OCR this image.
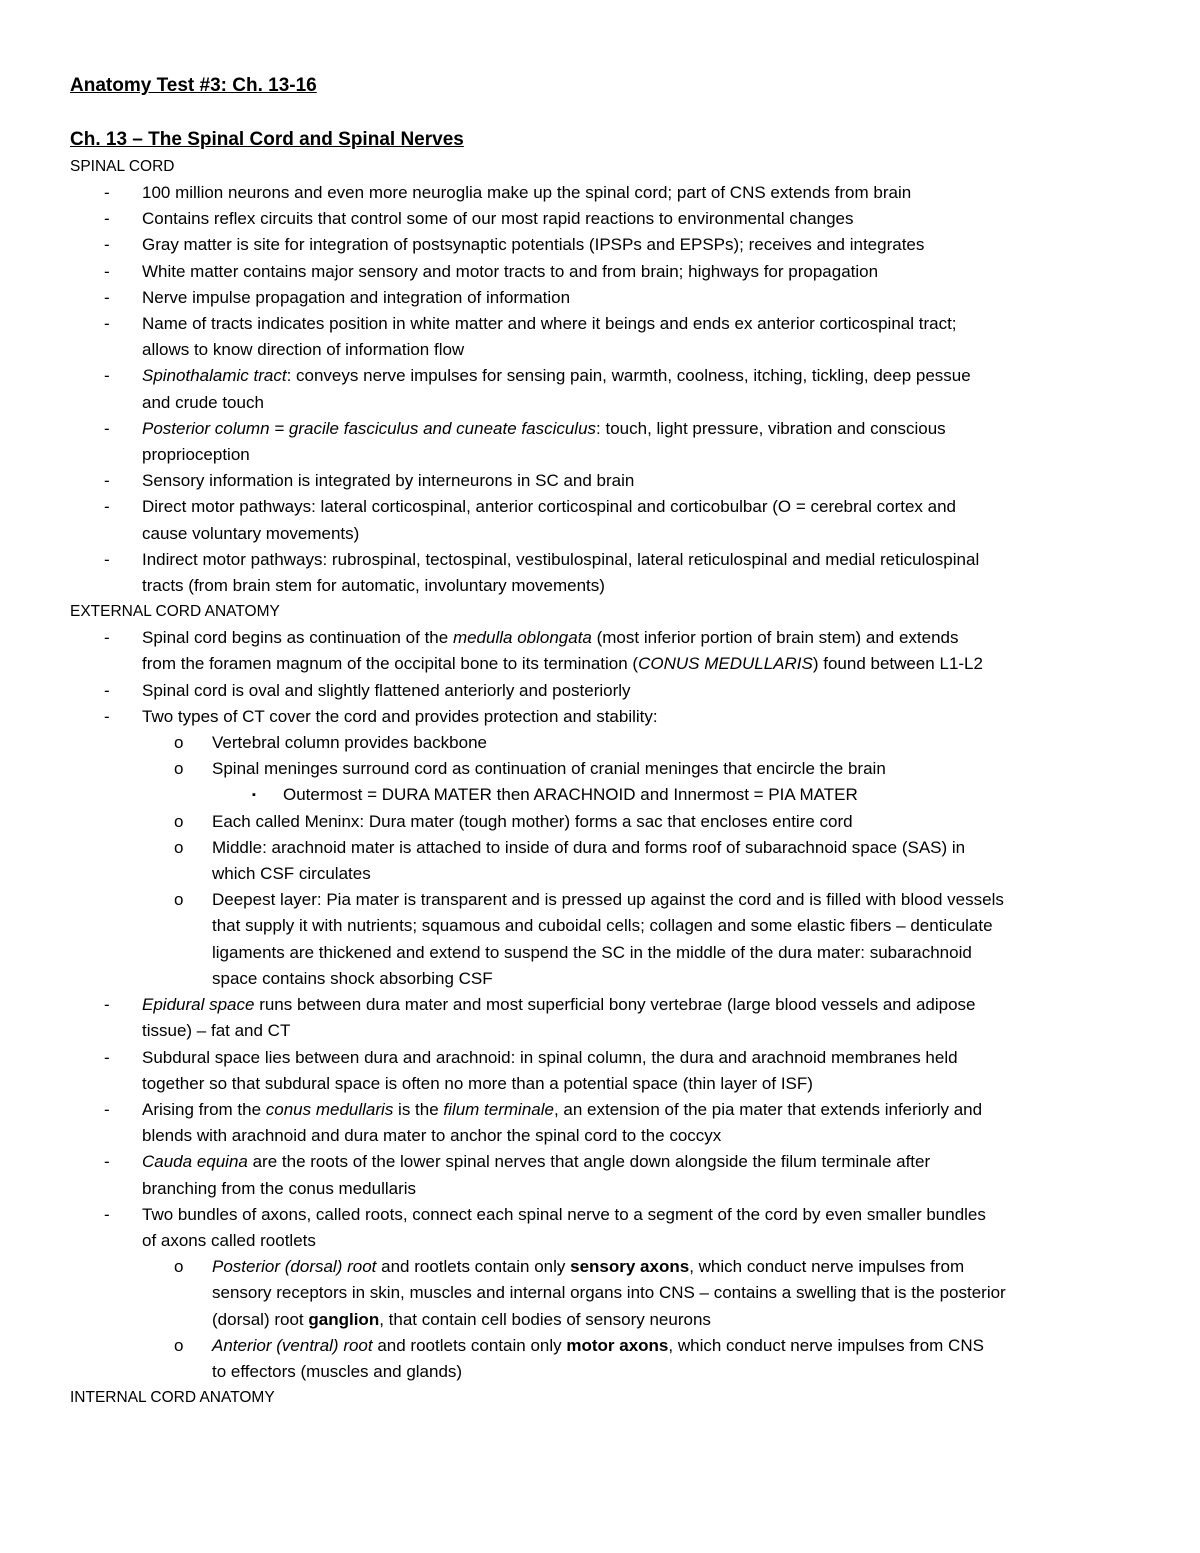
Anatomy Test #3: Ch. 13-16
Ch. 13 – The Spinal Cord and Spinal Nerves
SPINAL CORD
- 100 million neurons and even more neuroglia make up the spinal cord; part of CNS extends from brain
- Contains reflex circuits that control some of our most rapid reactions to environmental changes
- Gray matter is site for integration of postsynaptic potentials (IPSPs and EPSPs); receives and integrates
- White matter contains major sensory and motor tracts to and from brain; highways for propagation
- Nerve impulse propagation and integration of information
- Name of tracts indicates position in white matter and where it beings and ends ex anterior corticospinal tract;
allows to know direction of information flow
- Spinothalamic tract: conveys nerve impulses for sensing pain, warmth, coolness, itching, tickling, deep pessue
and crude touch
- Posterior column = gracile fasciculus and cuneate fasciculus: touch, light pressure, vibration and conscious
proprioception
- Sensory information is integrated by interneurons in SC and brain
- Direct motor pathways: lateral corticospinal, anterior corticospinal and corticobulbar (O = cerebral cortex and
cause voluntary movements)
- Indirect motor pathways: rubrospinal, tectospinal, vestibulospinal, lateral reticulospinal and medial reticulospinal
tracts (from brain stem for automatic, involuntary movements)
EXTERNAL CORD ANATOMY
- Spinal cord begins as continuation of the medulla oblongata (most inferior portion of brain stem) and extends
from the foramen magnum of the occipital bone to its termination (CONUS MEDULLARIS) found between L1-L2
- Spinal cord is oval and slightly flattened anteriorly and posteriorly
- Two types of CT cover the cord and provides protection and stability:
o Vertebral column provides backbone
o Spinal meninges surround cord as continuation of cranial meninges that encircle the brain
▪ Outermost = DURA MATER then ARACHNOID and Innermost = PIA MATER
o Each called Meninx: Dura mater (tough mother) forms a sac that encloses entire cord
o Middle: arachnoid mater is attached to inside of dura and forms roof of subarachnoid space (SAS) in
which CSF circulates
o Deepest layer: Pia mater is transparent and is pressed up against the cord and is filled with blood vessels
that supply it with nutrients; squamous and cuboidal cells; collagen and some elastic fibers – denticulate
ligaments are thickened and extend to suspend the SC in the middle of the dura mater: subarachnoid
space contains shock absorbing CSF
- Epidural space runs between dura mater and most superficial bony vertebrae (large blood vessels and adipose
tissue) – fat and CT
- Subdural space lies between dura and arachnoid: in spinal column, the dura and arachnoid membranes held
together so that subdural space is often no more than a potential space (thin layer of ISF)
- Arising from the conus medullaris is the filum terminale, an extension of the pia mater that extends inferiorly and
blends with arachnoid and dura mater to anchor the spinal cord to the coccyx
- Cauda equina are the roots of the lower spinal nerves that angle down alongside the filum terminale after
branching from the conus medullaris
- Two bundles of axons, called roots, connect each spinal nerve to a segment of the cord by even smaller bundles
of axons called rootlets
o Posterior (dorsal) root and rootlets contain only sensory axons, which conduct nerve impulses from
sensory receptors in skin, muscles and internal organs into CNS – contains a swelling that is the posterior
(dorsal) root ganglion, that contain cell bodies of sensory neurons
o Anterior (ventral) root and rootlets contain only motor axons, which conduct nerve impulses from CNS
to effectors (muscles and glands)
INTERNAL CORD ANATOMY
